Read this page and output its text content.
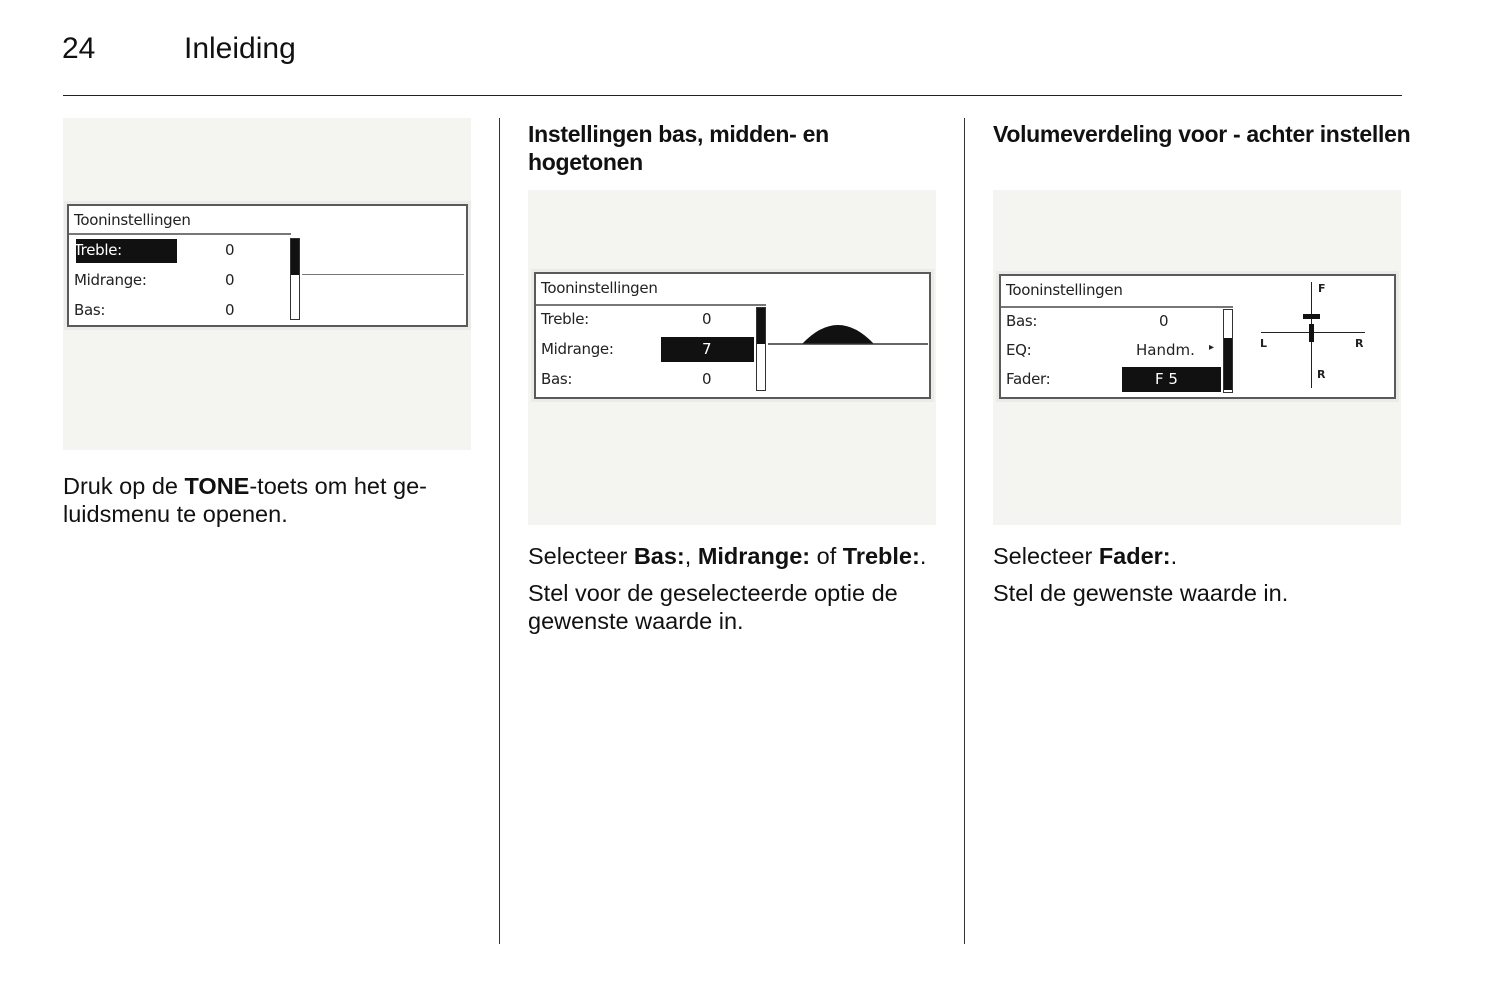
24	Inleiding
Tooninstellingen
Treble:	0
Midrange:	0
Bas:	0

Druk op de TONE-toets om het ge-luidsmenu te openen.

Instellingen bas, midden- en hogetonen
Tooninstellingen
Treble:	0
Midrange:	7
Bas:	0

Selecteer Bas:, Midrange: of Treble:.

Stel voor de geselecteerde optie de gewenste waarde in.

Volumeverdeling voor - achter instellen
Tooninstellingen
Bas:	0
EQ:	Handm. ▸
Fader:	F 5
F
L	R
R

Selecteer Fader:.

Stel de gewenste waarde in.
